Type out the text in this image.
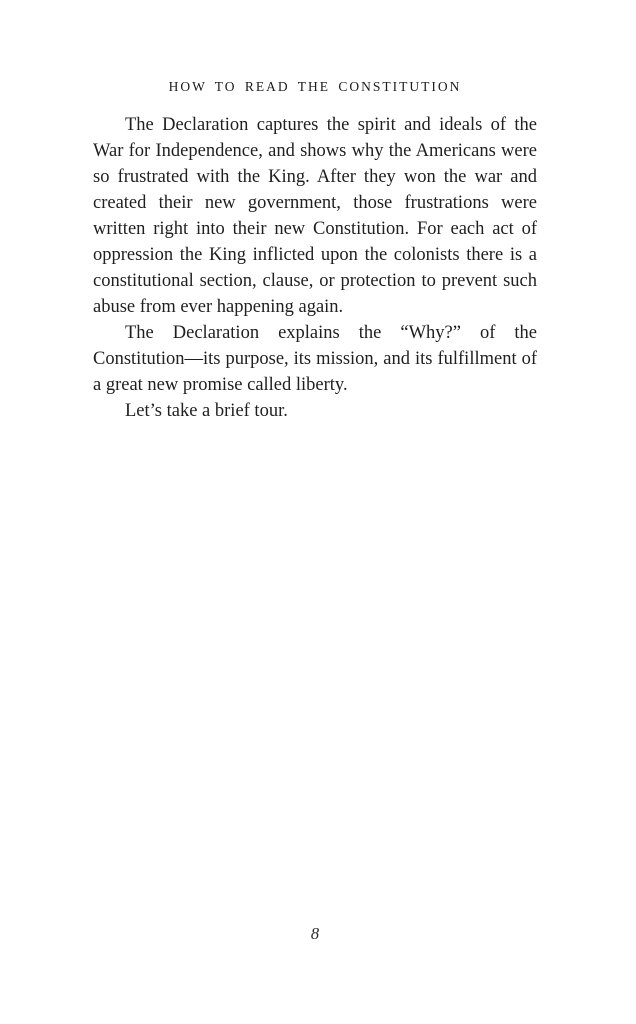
HOW TO READ THE CONSTITUTION

The Declaration captures the spirit and ideals of the War for Independence, and shows why the Americans were so frustrated with the King. After they won the war and created their new government, those frustrations were written right into their new Constitution. For each act of oppression the King inflicted upon the colonists there is a constitutional section, clause, or protection to prevent such abuse from ever happening again.

The Declaration explains the “Why?” of the Constitution—its purpose, its mission, and its fulfillment of a great new promise called liberty.

Let’s take a brief tour.

8
